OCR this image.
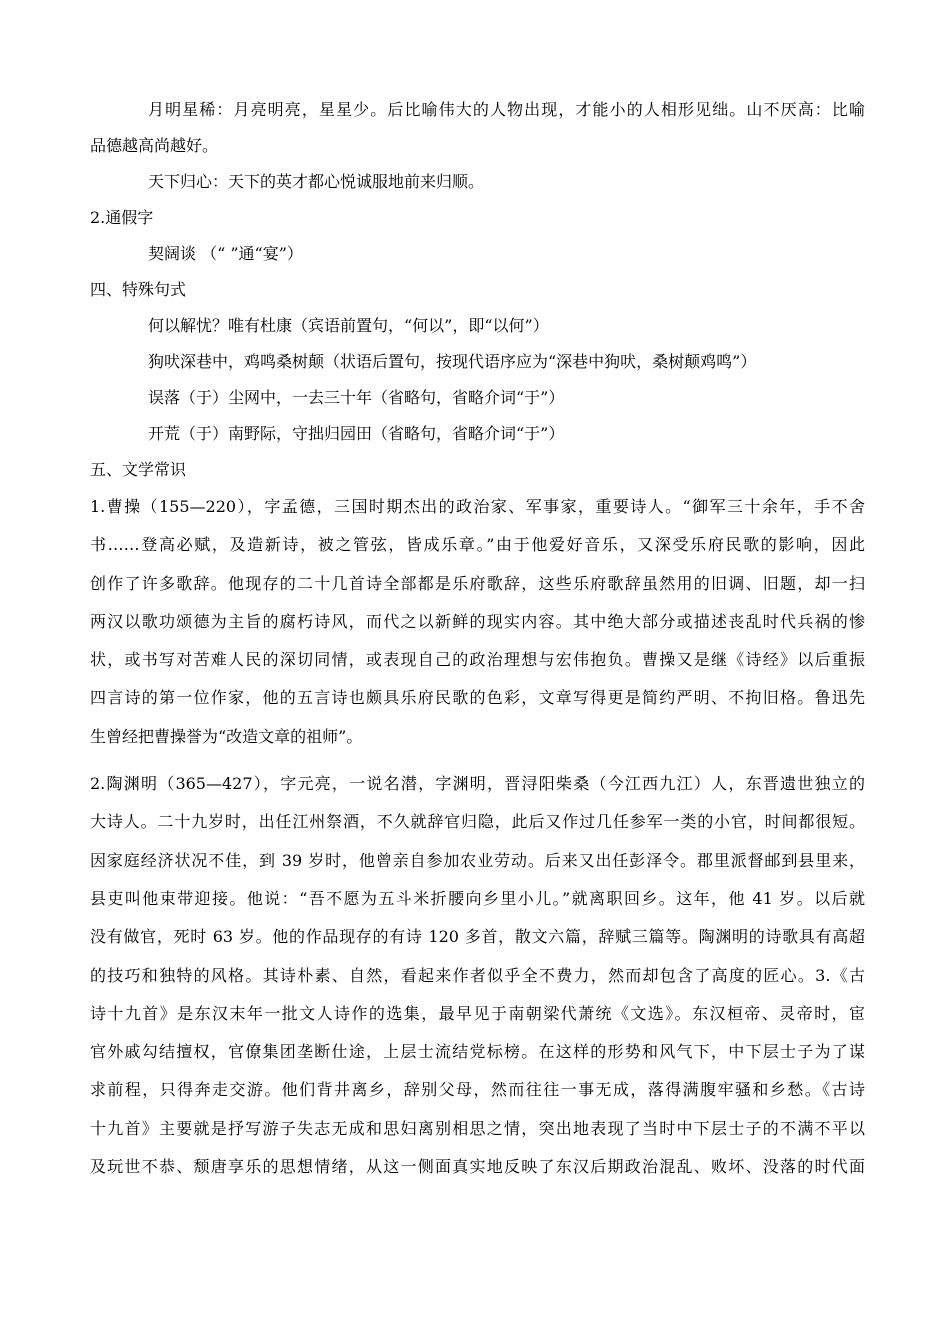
月明星稀：月亮明亮，星星少。后比喻伟大的人物出现，才能小的人相形见绌。山不厌高：比喻
品德越高尚越好。
天下归心：天下的英才都心悦诚服地前来归顺。
2.通假字
契阔谈 （“ ”通“宴”）
四、特殊句式
何以解忧？唯有杜康（宾语前置句，“何以”，即“以何”）
狗吠深巷中，鸡鸣桑树颠（状语后置句，按现代语序应为“深巷中狗吠，桑树颠鸡鸣”）
误落（于）尘网中，一去三十年（省略句，省略介词“于”）
开荒（于）南野际，守拙归园田（省略句，省略介词“于”）
五、文学常识
1.曹操（155—220），字孟德，三国时期杰出的政治家、军事家，重要诗人。“御军三十余年，手不舍
书……登高必赋，及造新诗，被之管弦，皆成乐章。”由于他爱好音乐，又深受乐府民歌的影响，因此
创作了许多歌辞。他现存的二十几首诗全部都是乐府歌辞，这些乐府歌辞虽然用的旧调、旧题，却一扫
两汉以歌功颂德为主旨的腐朽诗风，而代之以新鲜的现实内容。其中绝大部分或描述丧乱时代兵祸的惨
状，或书写对苦难人民的深切同情，或表现自己的政治理想与宏伟抱负。曹操又是继《诗经》以后重振
四言诗的第一位作家，他的五言诗也颇具乐府民歌的色彩，文章写得更是简约严明、不拘旧格。鲁迅先
生曾经把曹操誉为“改造文章的祖师”。
2.陶渊明（365—427），字元亮，一说名潜，字渊明，晋浔阳柴桑（今江西九江）人，东晋遗世独立的
大诗人。二十九岁时，出任江州祭酒，不久就辞官归隐，此后又作过几任参军一类的小官，时间都很短。
因家庭经济状况不佳，到 39 岁时，他曾亲自参加农业劳动。后来又出任彭泽令。郡里派督邮到县里来，
县吏叫他束带迎接。他说：“吾不愿为五斗米折腰向乡里小儿。”就离职回乡。这年，他 41 岁。以后就
没有做官，死时 63 岁。他的作品现存的有诗 120 多首，散文六篇，辞赋三篇等。陶渊明的诗歌具有高超
的技巧和独特的风格。其诗朴素、自然，看起来作者似乎全不费力，然而却包含了高度的匠心。3.《古
诗十九首》是东汉末年一批文人诗作的选集，最早见于南朝梁代萧统《文选》。东汉桓帝、灵帝时，宦
官外戚勾结擅权，官僚集团垄断仕途，上层士流结党标榜。在这样的形势和风气下，中下层士子为了谋
求前程，只得奔走交游。他们背井离乡，辞别父母，然而往往一事无成，落得满腹牢骚和乡愁。《古诗
十九首》主要就是抒写游子失志无成和思妇离别相思之情，突出地表现了当时中下层士子的不满不平以
及玩世不恭、颓唐享乐的思想情绪，从这一侧面真实地反映了东汉后期政治混乱、败坏、没落的时代面
